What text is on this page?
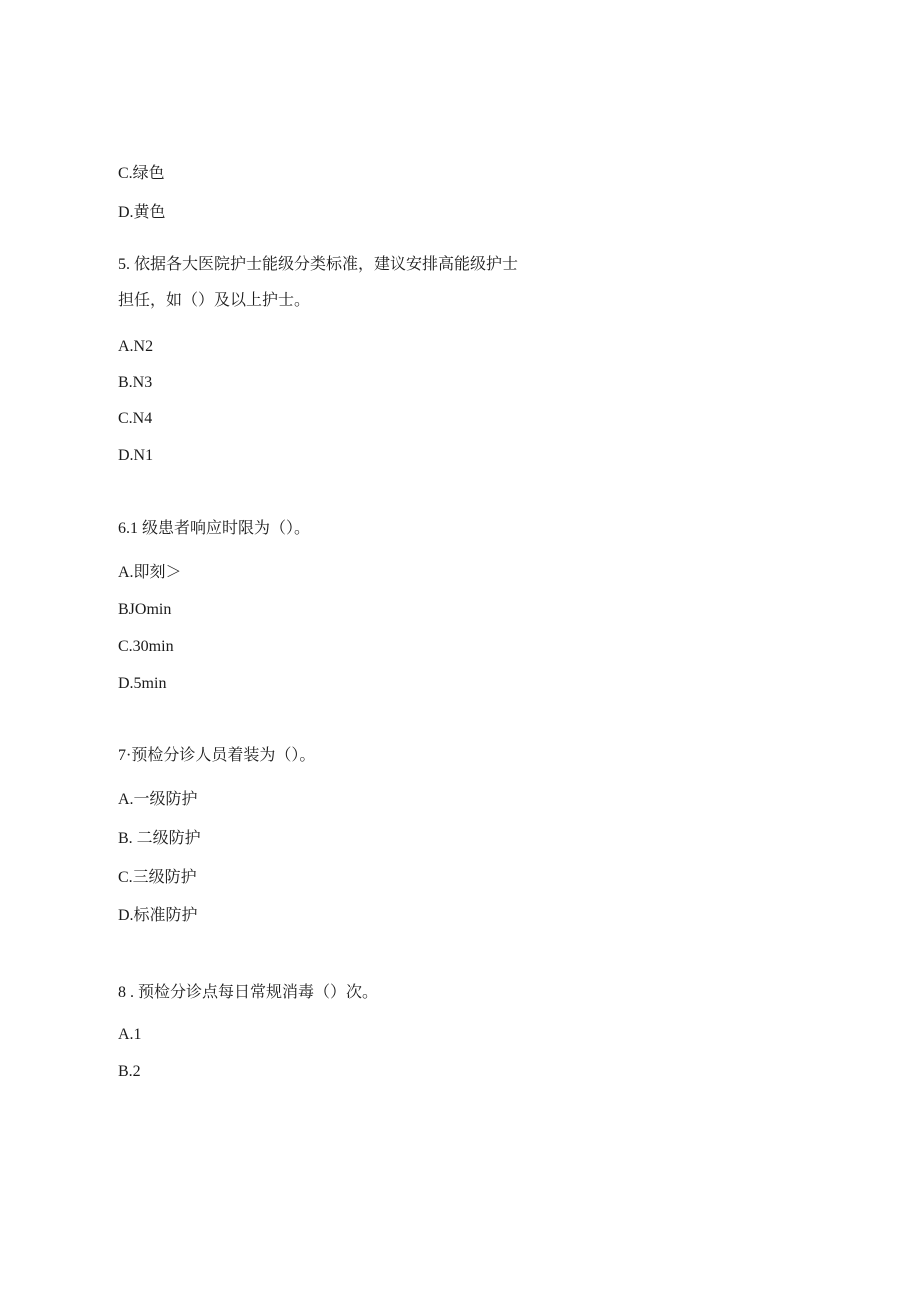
C.绿色
D.黄色
5. 依据各大医院护士能级分类标准，建议安排高能级护士
担任，如（）及以上护士。
A.N2
B.N3
C.N4
D.N1
6.1 级患者响应时限为（）。
A.即刻＞
BJOmin
C.30min
D.5min
7·预检分诊人员着装为（）。
A.一级防护
B. 二级防护
C.三级防护
D.标准防护
8 . 预检分诊点每日常规消毒（）次。
A.1
B.2
